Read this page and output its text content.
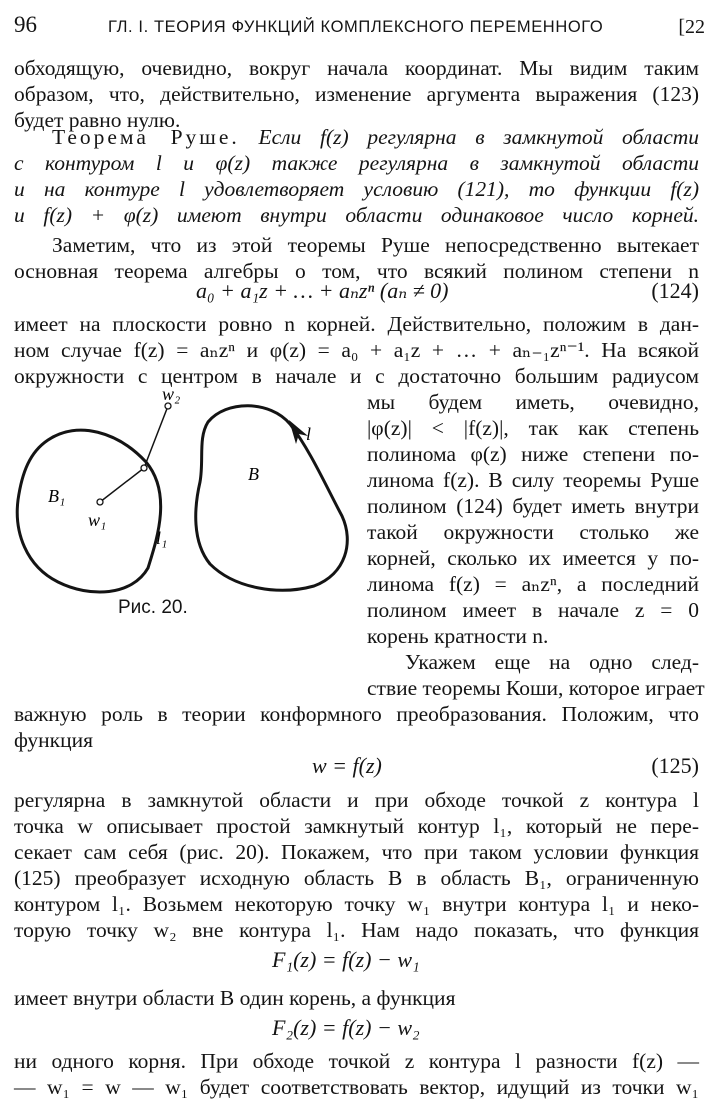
96	ГЛ. I. ТЕОРИЯ ФУНКЦИЙ КОМПЛЕКСНОГО ПЕРЕМЕННОГО	[22
обходящую, очевидно, вокруг начала координат. Мы видим таким
образом, что, действительно, изменение аргумента выражения (123)
будет равно нулю.
Теорема Руше. Если f(z) регулярна в замкнутой области
с контуром l и φ(z) также регулярна в замкнутой области
и на контуре l удовлетворяет условию (121), то функции f(z)
и f(z) + φ(z) имеют внутри области одинаковое число корней.
Заметим, что из этой теоремы Руше непосредственно вытекает
основная теорема алгебры о том, что всякий полином степени n
a₀ + a₁z + … + aₙzⁿ (aₙ ≠ 0)	(124)
имеет на плоскости ровно n корней. Действительно, положим в дан-
ном случае f(z) = aₙzⁿ и φ(z) = a₀ + a₁z + … + aₙ₋₁zⁿ⁻¹. На всякой
окружности с центром в начале и с достаточно большим радиусом
мы будем иметь, очевидно,
|φ(z)| < |f(z)|, так как степень
полинома φ(z) ниже степени по-
линома f(z). В силу теоремы Руше
полином (124) будет иметь внутри
такой окружности столько же
корней, сколько их имеется у по-
линома f(z) = aₙzⁿ, а последний
полином имеет в начале z = 0
корень кратности n.
Укажем еще на одно след-
ствие теоремы Коши, которое играет
w₂
w₁
B₁
l₁
B
l
Рис. 20.
важную роль в теории конформного преобразования. Положим, что
функция
w = f(z)	(125)
регулярна в замкнутой области и при обходе точкой z контура l
точка w описывает простой замкнутый контур l₁, который не пере-
секает сам себя (рис. 20). Покажем, что при таком условии функция
(125) преобразует исходную область B в область B₁, ограниченную
контуром l₁. Возьмем некоторую точку w₁ внутри контура l₁ и неко-
торую точку w₂ вне контура l₁. Нам надо показать, что функция
F₁(z) = f(z) − w₁
имеет внутри области B один корень, а функция
F₂(z) = f(z) − w₂
ни одного корня. При обходе точкой z контура l разности f(z) —
— w₁ = w — w₁ будет соответствовать вектор, идущий из точки w₁
